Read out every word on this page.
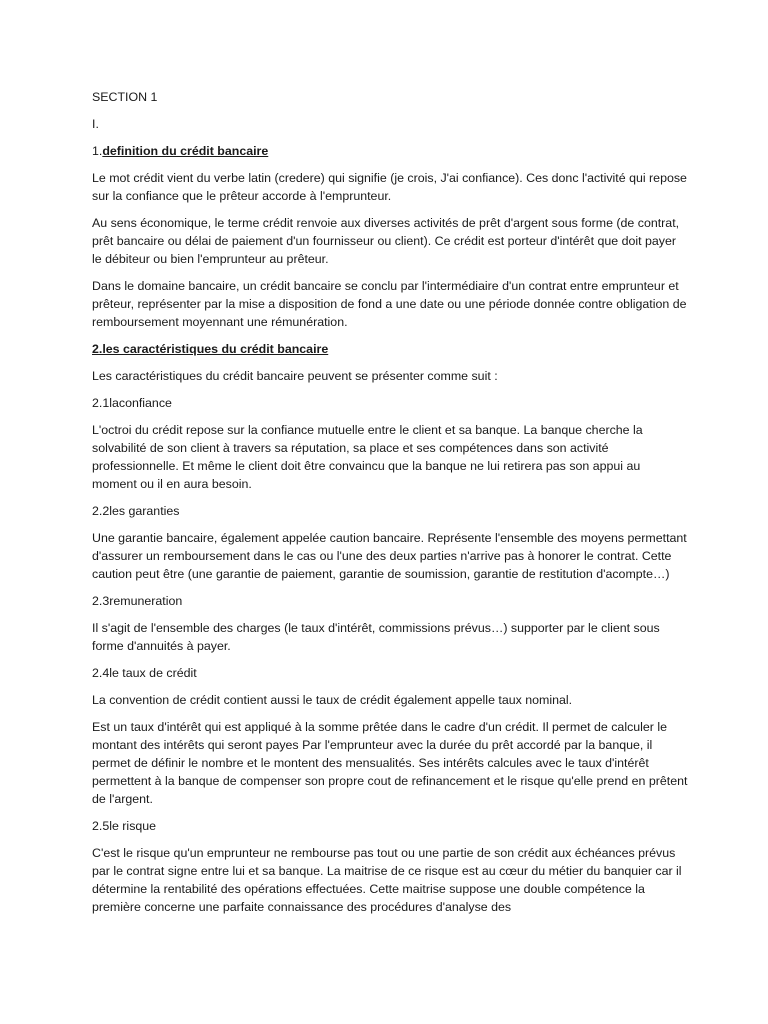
SECTION 1

I.

1.definition du crédit bancaire

Le mot crédit vient du verbe latin (credere) qui signifie (je crois, J'ai confiance). Ces donc l'activité qui repose sur la confiance que le prêteur accorde à l'emprunteur.

Au sens économique, le terme crédit renvoie aux diverses activités de prêt d'argent sous forme (de contrat, prêt bancaire ou délai de paiement d'un fournisseur ou client). Ce crédit est porteur d'intérêt que doit payer le débiteur ou bien l'emprunteur au prêteur.

Dans le domaine bancaire, un crédit bancaire se conclu par l'intermédiaire d'un contrat entre emprunteur et prêteur, représenter par la mise a disposition de fond a une date ou une période donnée contre obligation de remboursement moyennant une rémunération.

2.les caractéristiques du crédit bancaire

Les caractéristiques du crédit bancaire peuvent se présenter comme suit :

2.1laconfiance

L'octroi du crédit repose sur la confiance mutuelle entre le client et sa banque. La banque cherche la solvabilité de son client à travers sa réputation, sa place et ses compétences dans son activité professionnelle. Et même le client doit être convaincu que la banque ne lui retirera pas son appui au moment ou il en aura besoin.

2.2les garanties

Une garantie bancaire, également appelée caution bancaire. Représente l'ensemble des moyens permettant d'assurer un remboursement dans le cas ou l'une des deux parties n'arrive pas à honorer le contrat. Cette caution peut être (une garantie de paiement, garantie de soumission, garantie de restitution d'acompte…)

2.3remuneration

Il s'agit de l'ensemble des charges (le taux d'intérêt, commissions prévus…) supporter par le client sous forme d'annuités à payer.

2.4le taux de crédit

La convention de crédit contient aussi le taux de crédit également appelle taux nominal.

Est un taux d'intérêt qui est appliqué à la somme prêtée dans le cadre d'un crédit. Il permet de calculer le montant des intérêts qui seront payes Par l'emprunteur avec la durée du prêt accordé par la banque, il permet de définir le nombre et le montent des mensualités. Ses intérêts calcules avec le taux d'intérêt permettent à la banque de compenser son propre cout de refinancement et le risque qu'elle prend en prêtent de l'argent.

2.5le risque

C'est le risque qu'un emprunteur ne rembourse pas tout ou une partie de son crédit aux échéances prévus par le contrat signe entre lui et sa banque. La maitrise de ce risque est au cœur du métier du banquier car il détermine la rentabilité des opérations effectuées. Cette maitrise suppose une double compétence la première concerne une parfaite connaissance des procédures d'analyse des
